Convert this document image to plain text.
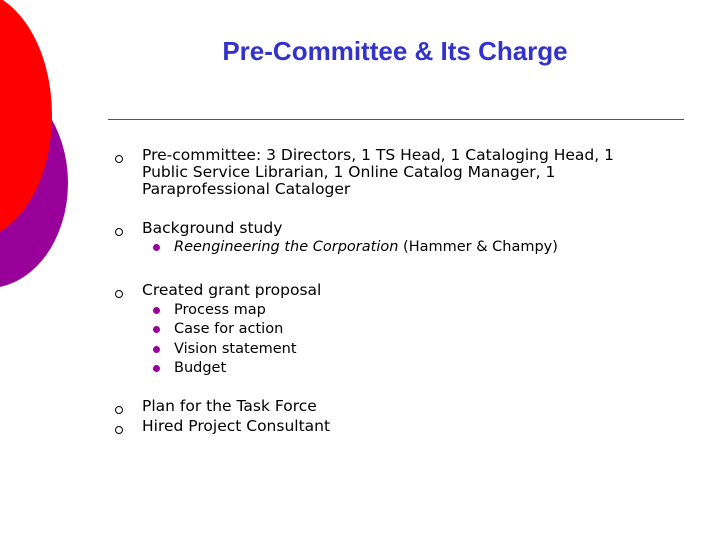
Pre-Committee & Its Charge
Pre-committee: 3 Directors, 1 TS Head, 1 Cataloging Head, 1
Public Service Librarian, 1 Online Catalog Manager, 1
Paraprofessional Cataloger
Background study
Reengineering the Corporation (Hammer & Champy)
Created grant proposal
Process map
Case for action
Vision statement
Budget
Plan for the Task Force
Hired Project Consultant
